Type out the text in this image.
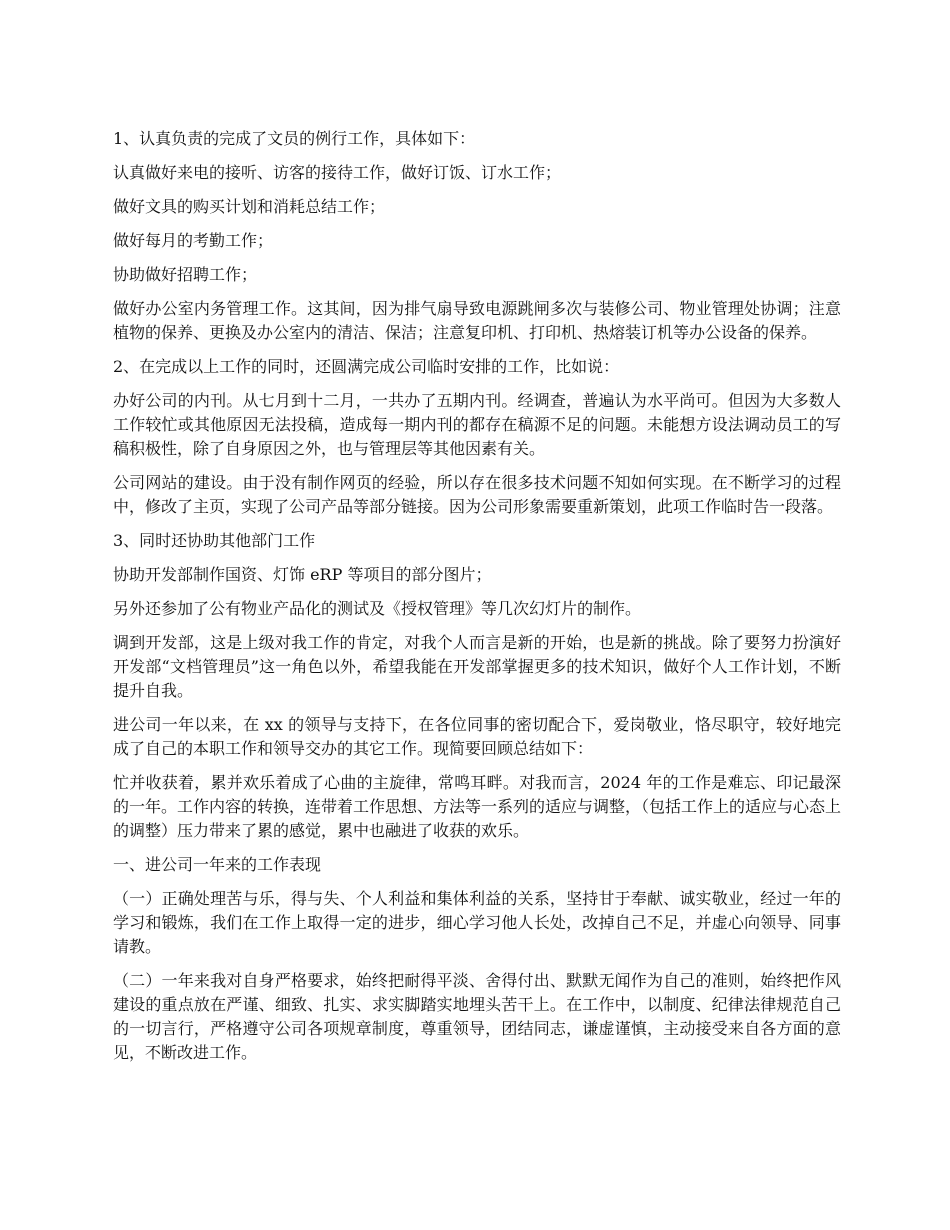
1、认真负责的完成了文员的例行工作，具体如下：

认真做好来电的接听、访客的接待工作，做好订饭、订水工作；

做好文具的购买计划和消耗总结工作；

做好每月的考勤工作；

协助做好招聘工作；

做好办公室内务管理工作。这其间，因为排气扇导致电源跳闸多次与装修公司、物业管理处协调；注意植物的保养、更换及办公室内的清洁、保洁；注意复印机、打印机、热熔装订机等办公设备的保养。

2、在完成以上工作的同时，还圆满完成公司临时安排的工作，比如说：

办好公司的内刊。从七月到十二月，一共办了五期内刊。经调查，普遍认为水平尚可。但因为大多数人工作较忙或其他原因无法投稿，造成每一期内刊的都存在稿源不足的问题。未能想方设法调动员工的写稿积极性，除了自身原因之外，也与管理层等其他因素有关。

公司网站的建设。由于没有制作网页的经验，所以存在很多技术问题不知如何实现。在不断学习的过程中，修改了主页，实现了公司产品等部分链接。因为公司形象需要重新策划，此项工作临时告一段落。

3、同时还协助其他部门工作

协助开发部制作国资、灯饰 eRP 等项目的部分图片；

另外还参加了公有物业产品化的测试及《授权管理》等几次幻灯片的制作。

调到开发部，这是上级对我工作的肯定，对我个人而言是新的开始，也是新的挑战。除了要努力扮演好开发部“文档管理员”这一角色以外，希望我能在开发部掌握更多的技术知识，做好个人工作计划，不断提升自我。

进公司一年以来，在 xx 的领导与支持下，在各位同事的密切配合下，爱岗敬业，恪尽职守，较好地完成了自己的本职工作和领导交办的其它工作。现简要回顾总结如下：

忙并收获着，累并欢乐着成了心曲的主旋律，常鸣耳畔。对我而言，2024 年的工作是难忘、印记最深的一年。工作内容的转换，连带着工作思想、方法等一系列的适应与调整，（包括工作上的适应与心态上的调整）压力带来了累的感觉，累中也融进了收获的欢乐。

一、进公司一年来的工作表现

（一）正确处理苦与乐，得与失、个人利益和集体利益的关系，坚持甘于奉献、诚实敬业，经过一年的学习和锻炼，我们在工作上取得一定的进步，细心学习他人长处，改掉自己不足，并虚心向领导、同事请教。

（二）一年来我对自身严格要求，始终把耐得平淡、舍得付出、默默无闻作为自己的准则，始终把作风建设的重点放在严谨、细致、扎实、求实脚踏实地埋头苦干上。在工作中，以制度、纪律法律规范自己的一切言行，严格遵守公司各项规章制度，尊重领导，团结同志，谦虚谨慎，主动接受来自各方面的意见，不断改进工作。
